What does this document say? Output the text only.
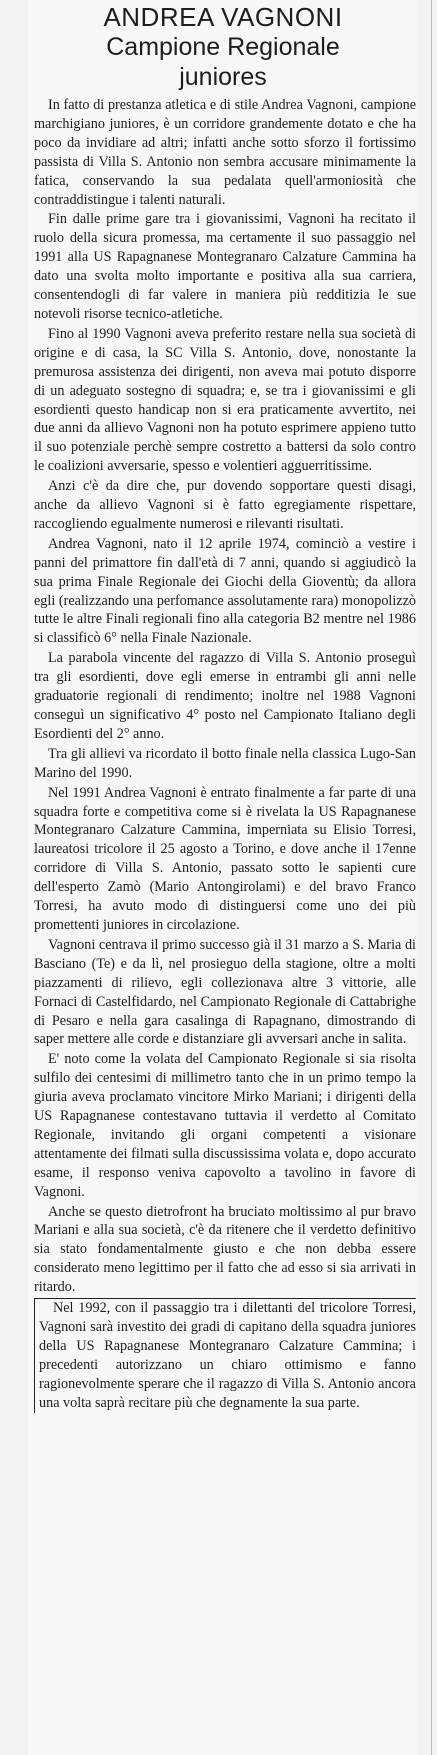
ANDREA VAGNONI
Campione Regionale
juniores

In fatto di prestanza atletica e di stile Andrea Vagnoni, campione marchigiano juniores, è un corridore grandemente dotato e che ha poco da invidiare ad altri; infatti anche sotto sforzo il fortissimo passista di Villa S. Antonio non sembra accusare minimamente la fatica, conservando la sua pedalata quell'armoniosità che contraddistingue i talenti naturali.

Fin dalle prime gare tra i giovanissimi, Vagnoni ha recitato il ruolo della sicura promessa, ma certamente il suo passaggio nel 1991 alla US Rapagnanese Montegranaro Calzature Cammina ha dato una svolta molto importante e positiva alla sua carriera, consentendogli di far valere in maniera più redditizia le sue notevoli risorse tecnico-atletiche.

Fino al 1990 Vagnoni aveva preferito restare nella sua società di origine e di casa, la SC Villa S. Antonio, dove, nonostante la premurosa assistenza dei dirigenti, non aveva mai potuto disporre di un adeguato sostegno di squadra; e, se tra i giovanissimi e gli esordienti questo handicap non si era praticamente avvertito, nei due anni da allievo Vagnoni non ha potuto esprimere appieno tutto il suo potenziale perchè sempre costretto a battersi da solo contro le coalizioni avversarie, spesso e volentieri agguerritissime.

Anzi c'è da dire che, pur dovendo sopportare questi disagi, anche da allievo Vagnoni si è fatto egregiamente rispettare, raccogliendo egualmente numerosi e rilevanti risultati.

Andrea Vagnoni, nato il 12 aprile 1974, cominciò a vestire i panni del primattore fin dall'età di 7 anni, quando si aggiudicò la sua prima Finale Regionale dei Giochi della Gioventù; da allora egli (realizzando una perfomance assolutamente rara) monopolizzò tutte le altre Finali regionali fino alla categoria B2 mentre nel 1986 si classificò 6° nella Finale Nazionale.

La parabola vincente del ragazzo di Villa S. Antonio proseguì tra gli esordienti, dove egli emerse in entrambi gli anni nelle graduatorie regionali di rendimento; inoltre nel 1988 Vagnoni conseguì un significativo 4° posto nel Campionato Italiano degli Esordienti del 2° anno.

Tra gli allievi va ricordato il botto finale nella classica Lugo-San Marino del 1990.

Nel 1991 Andrea Vagnoni è entrato finalmente a far parte di una squadra forte e competitiva come si è rivelata la US Rapagnanese Montegranaro Calzature Cammina, imperniata su Elisio Torresi, laureatosi tricolore il 25 agosto a Torino, e dove anche il 17enne corridore di Villa S. Antonio, passato sotto le sapienti cure dell'esperto Zamò (Mario Antongirolami) e del bravo Franco Torresi, ha avuto modo di distinguersi come uno dei più promettenti juniores in circolazione.

Vagnoni centrava il primo successo già il 31 marzo a S. Maria di Basciano (Te) e da lì, nel prosieguo della stagione, oltre a molti piazzamenti di rilievo, egli collezionava altre 3 vittorie, alle Fornaci di Castelfidardo, nel Campionato Regionale di Cattabrighe di Pesaro e nella gara casalinga di Rapagnano, dimostrando di saper mettere alle corde e distanziare gli avversari anche in salita.

E' noto come la volata del Campionato Regionale si sia risolta sulfilo dei centesimi di millimetro tanto che in un primo tempo la giuria aveva proclamato vincitore Mirko Mariani; i dirigenti della US Rapagnanese contestavano tuttavia il verdetto al Comitato Regionale, invitando gli organi competenti a visionare attentamente dei filmati sulla discussissima volata e, dopo accurato esame, il responso veniva capovolto a tavolino in favore di Vagnoni.

Anche se questo dietrofront ha bruciato moltissimo al pur bravo Mariani e alla sua società, c'è da ritenere che il verdetto definitivo sia stato fondamentalmente giusto e che non debba essere considerato meno legittimo per il fatto che ad esso si sia arrivati in ritardo.

Nel 1992, con il passaggio tra i dilettanti del tricolore Torresi, Vagnoni sarà investito dei gradi di capitano della squadra juniores della US Rapagnanese Montegranaro Calzature Cammina; i precedenti autorizzano un chiaro ottimismo e fanno ragionevolmente sperare che il ragazzo di Villa S. Antonio ancora una volta saprà recitare più che degnamente la sua parte.
